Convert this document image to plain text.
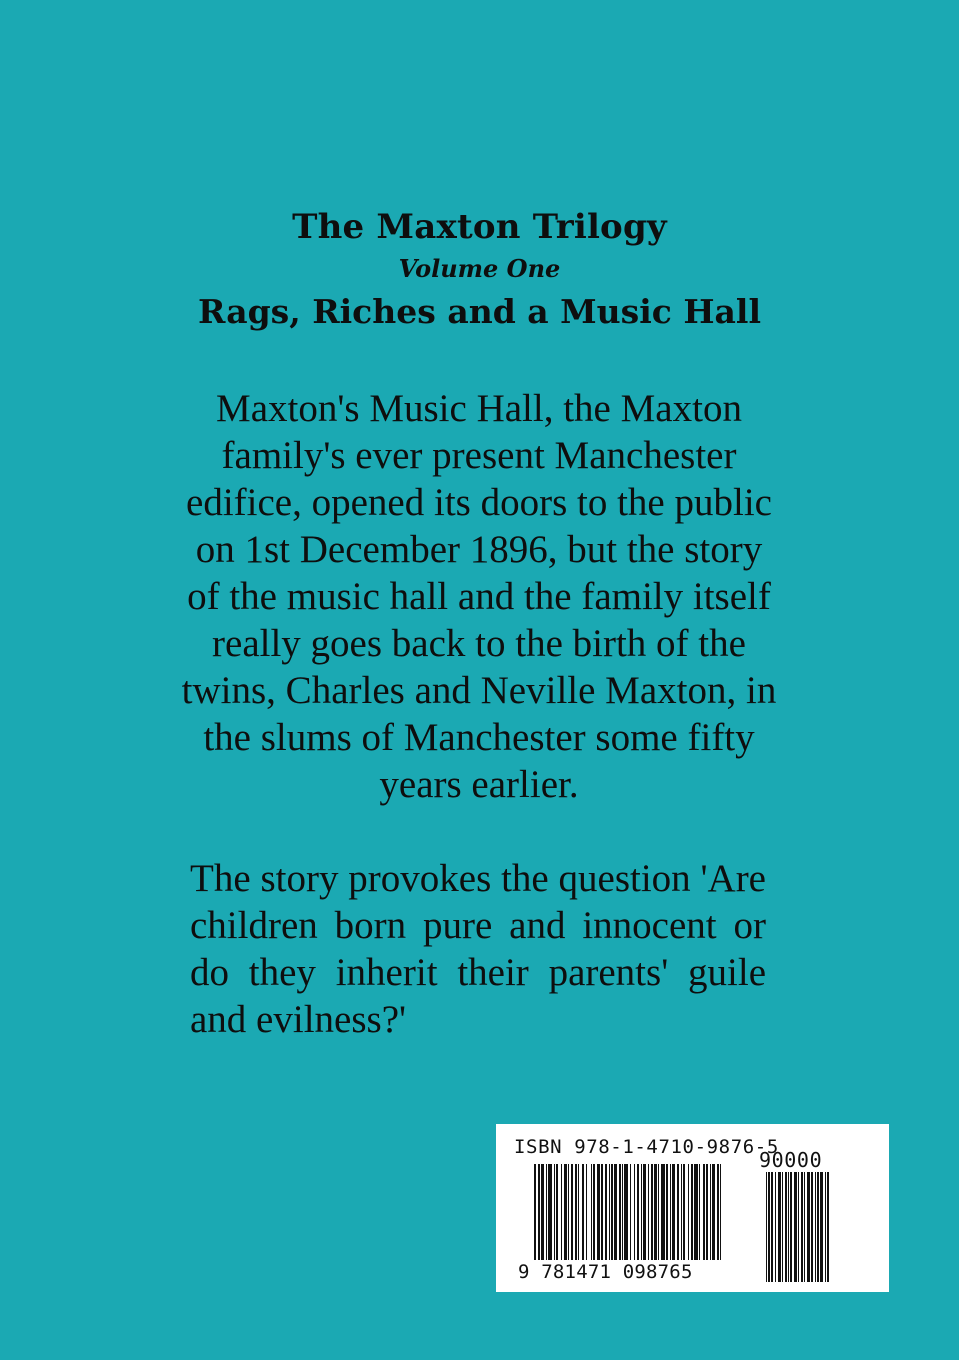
The Maxton Trilogy
Volume One
Rags, Riches and a Music Hall

Maxton's Music Hall, the Maxton family's ever present Manchester edifice, opened its doors to the public on 1st December 1896, but the story of the music hall and the family itself really goes back to the birth of the twins, Charles and Neville Maxton, in the slums of Manchester some fifty years earlier.

The story provokes the question 'Are children born pure and innocent or do they inherit their parents' guile and evilness?'

ISBN 978-1-4710-9876-5
90000
9 781471 098765
